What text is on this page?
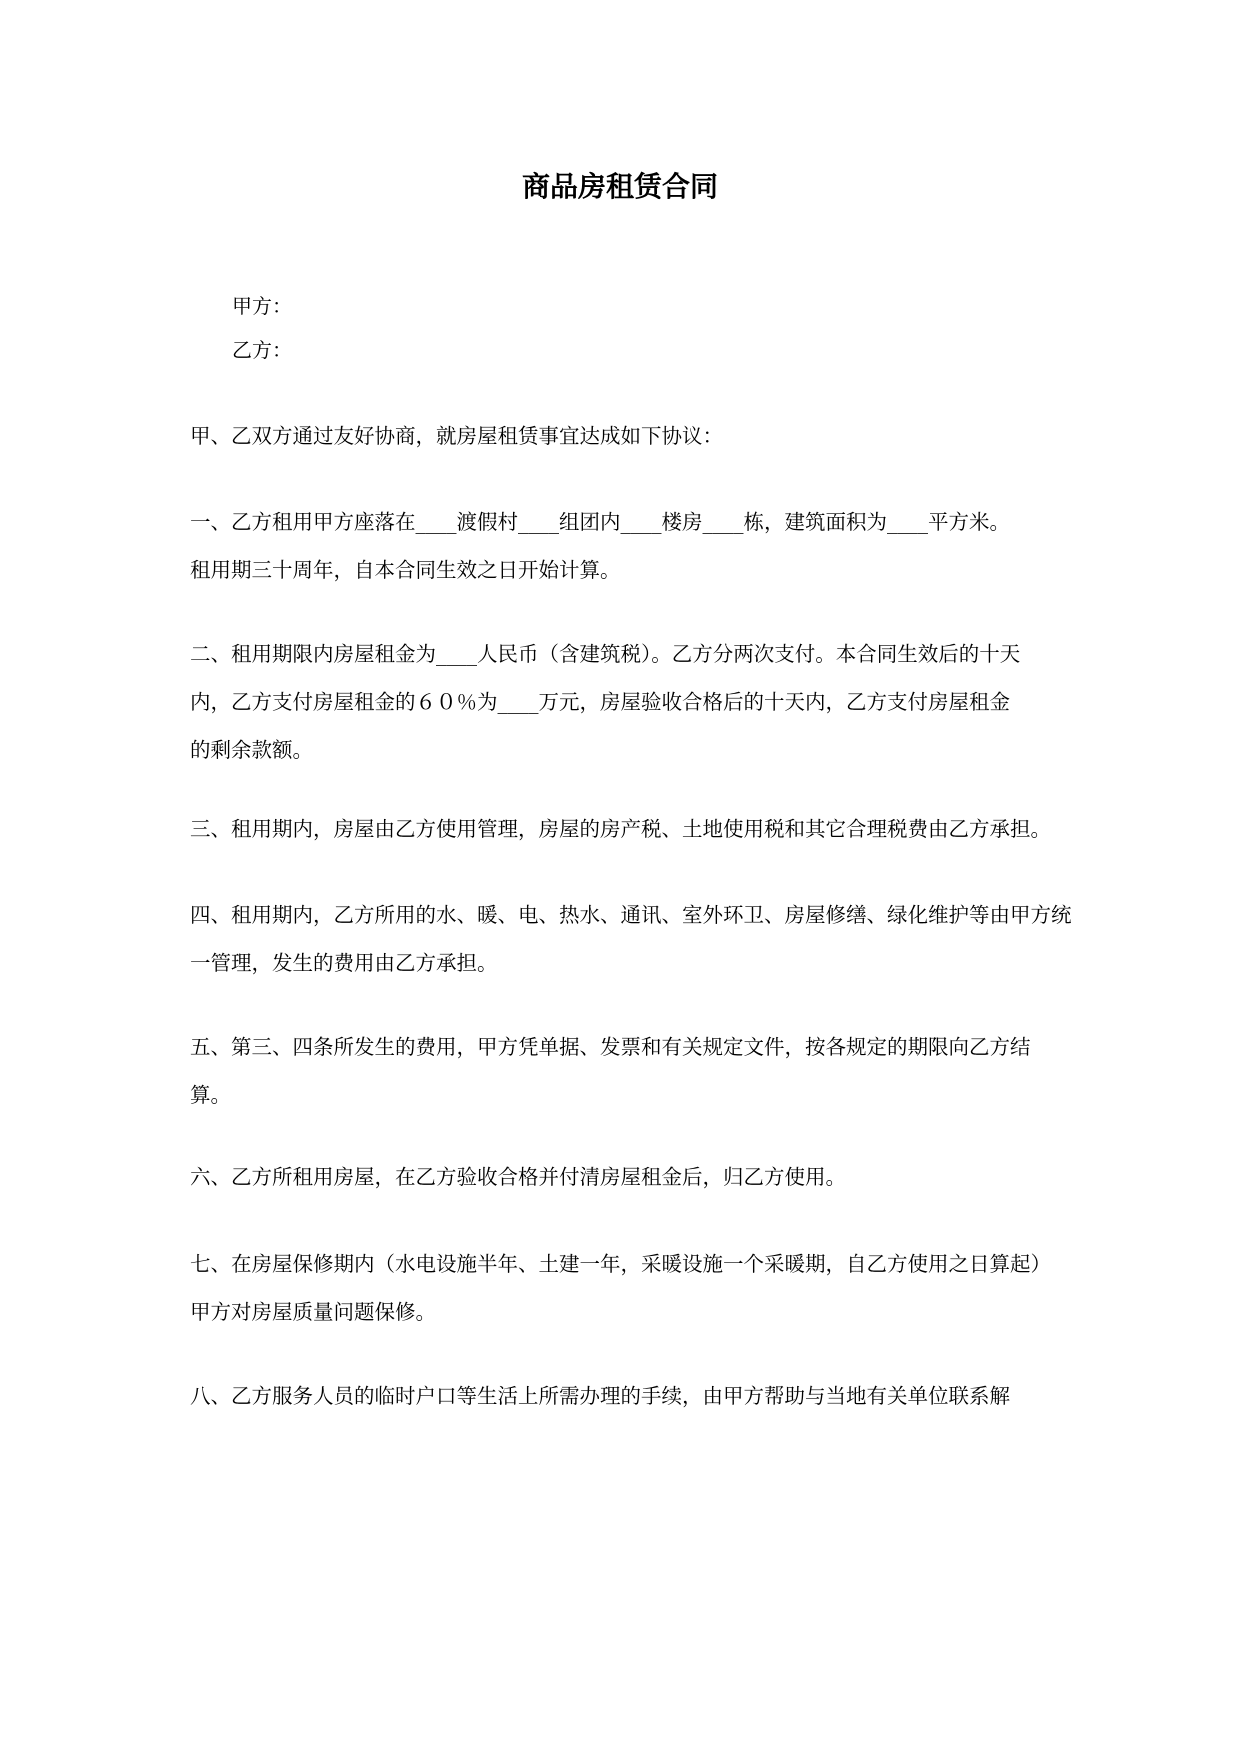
商品房租赁合同
甲方：
乙方：
甲、乙双方通过友好协商，就房屋租赁事宜达成如下协议：
一、乙方租用甲方座落在____渡假村____组团内____楼房____栋，建筑面积为____平方米。
租用期三十周年，自本合同生效之日开始计算。
二、租用期限内房屋租金为____人民币（含建筑税）。乙方分两次支付。本合同生效后的十天
内，乙方支付房屋租金的６０％为____万元，房屋验收合格后的十天内，乙方支付房屋租金
的剩余款额。
三、租用期内，房屋由乙方使用管理，房屋的房产税、土地使用税和其它合理税费由乙方承担。
四、租用期内，乙方所用的水、暖、电、热水、通讯、室外环卫、房屋修缮、绿化维护等由甲方统
一管理，发生的费用由乙方承担。
五、第三、四条所发生的费用，甲方凭单据、发票和有关规定文件，按各规定的期限向乙方结
算。
六、乙方所租用房屋，在乙方验收合格并付清房屋租金后，归乙方使用。
七、在房屋保修期内（水电设施半年、土建一年，采暖设施一个采暖期，自乙方使用之日算起）
甲方对房屋质量问题保修。
八、乙方服务人员的临时户口等生活上所需办理的手续，由甲方帮助与当地有关单位联系解
